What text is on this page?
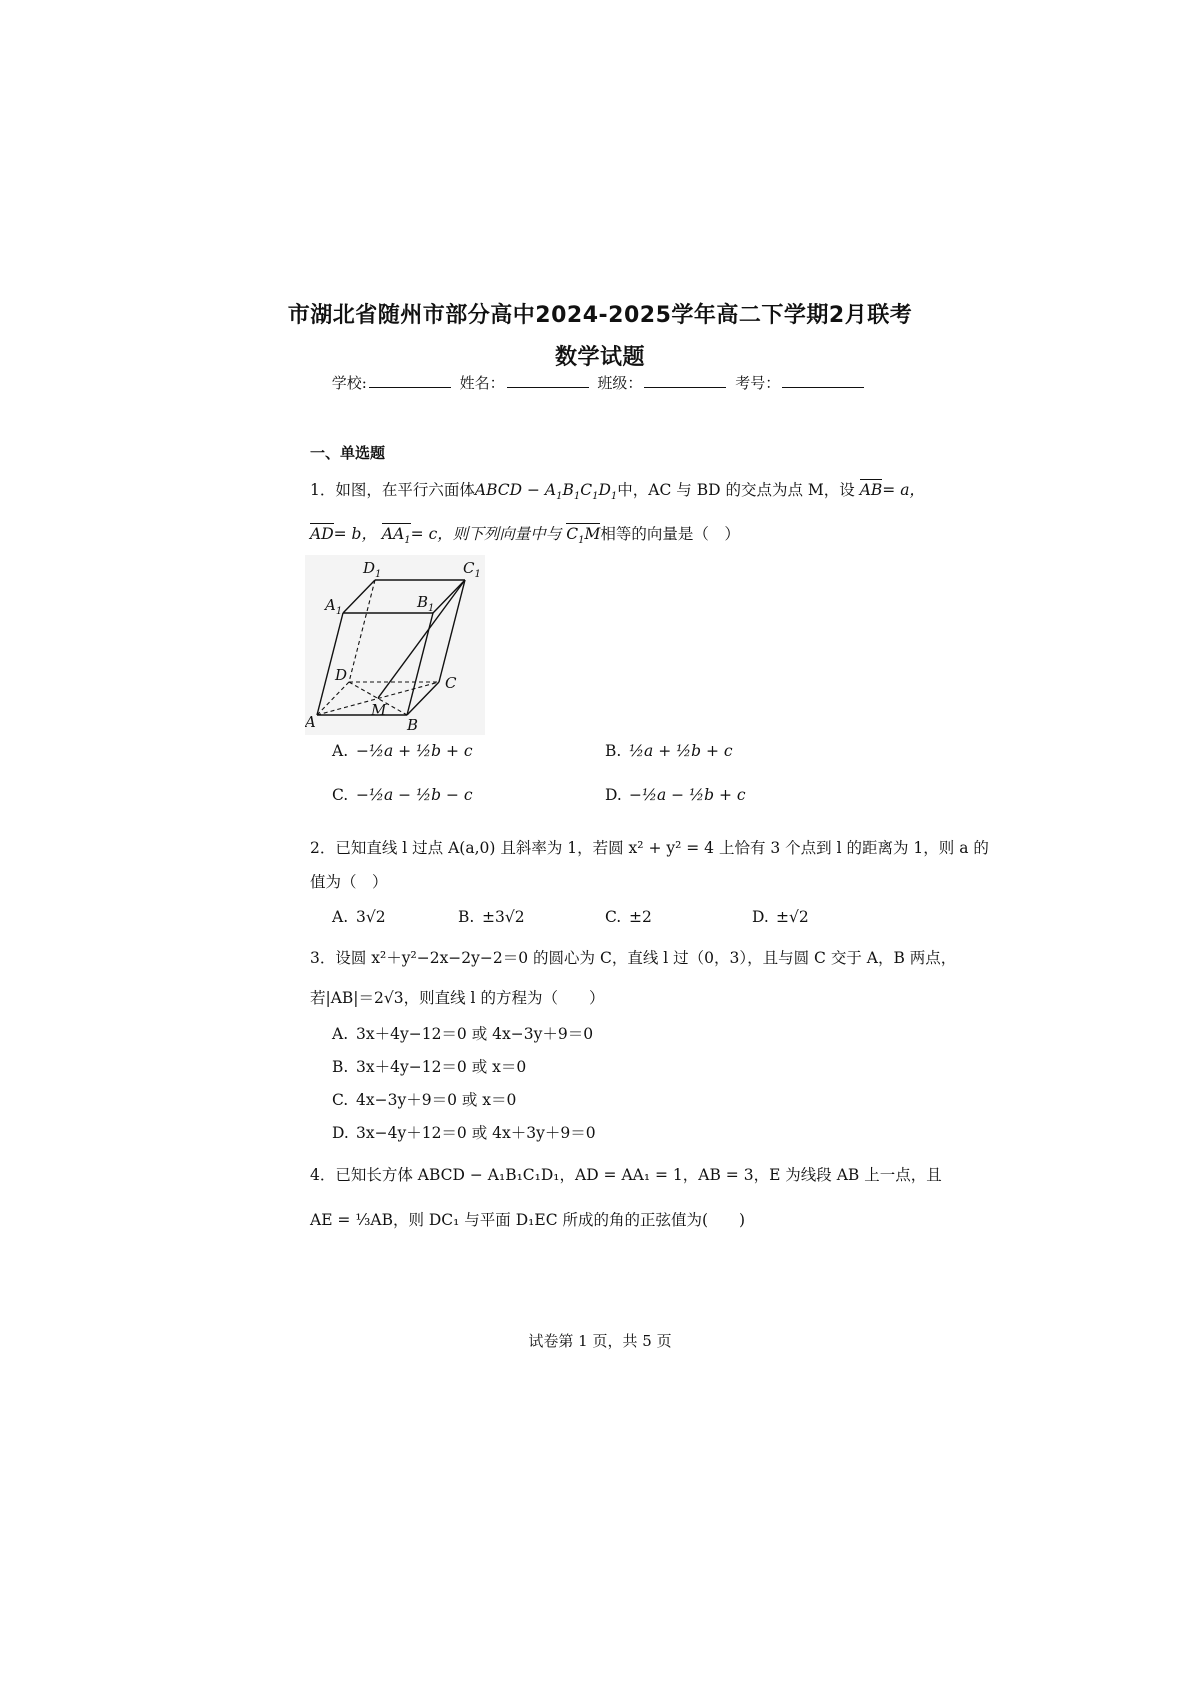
市湖北省随州市部分高中2024-2025学年高二下学期2月联考
数学试题
学校:	姓名：	班级：	考号：
一、单选题
1．如图，在平行六面体ABCD − $A_1B_1C_1D_1$中，AC 与 BD 的交点为点 M，设 AB= a，
AD= b， $AA_1= c$，则下列向量中与 $C_1M$相等的向量是（　）
$D_1$	$C_1$
$A_1$
$B_1$
D	C
M
A	B
A. −½a + ½b + c	B. ½a + ½b + c
C. −½a − ½b − c	D. −½a − ½b + c
2．已知直线 l 过点 A(a,0) 且斜率为 1，若圆 x² + y² = 4 上恰有 3 个点到 l 的距离为 1，则 a 的
值为（　）
A. 3√2	B. ±3√2	C. ±2	D. ±√2
3．设圆 x²＋y²−2x−2y−2＝0 的圆心为 C，直线 l 过（0，3），且与圆 C 交于 A，B 两点，
若|AB|＝2√3，则直线 l 的方程为（　　）
A. 3x＋4y−12＝0 或 4x−3y＋9＝0
B. 3x＋4y−12＝0 或 x＝0
C. 4x−3y＋9＝0 或 x＝0
D. 3x−4y＋12＝0 或 4x＋3y＋9＝0
4．已知长方体 ABCD − A₁B₁C₁D₁，AD = AA₁ = 1，AB = 3，E 为线段 AB 上一点，且
AE = ⅓AB，则 DC₁ 与平面 D₁EC 所成的角的正弦值为(　　)
试卷第 1 页，共 5 页
